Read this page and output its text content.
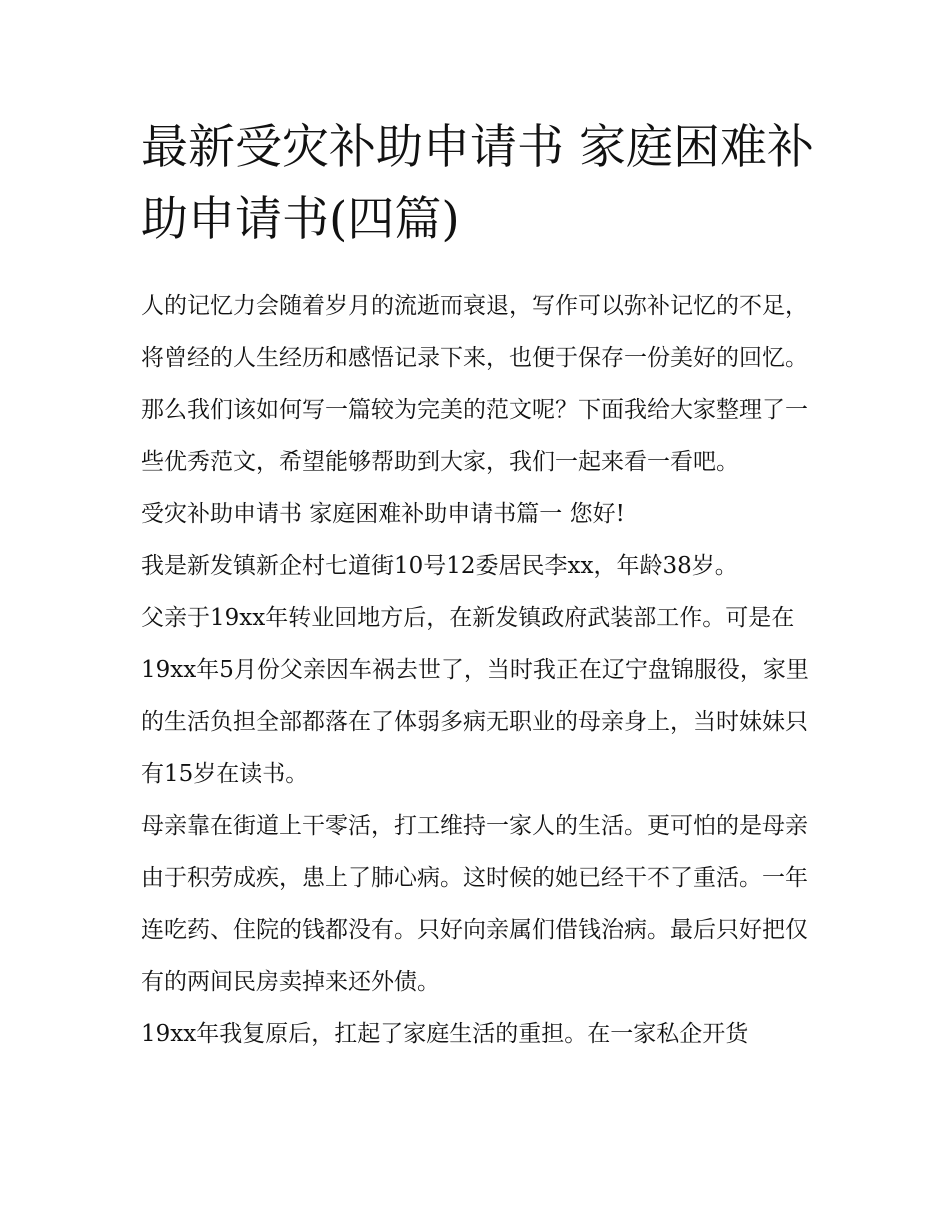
最新受灾补助申请书 家庭困难补助申请书(四篇)

人的记忆力会随着岁月的流逝而衰退，写作可以弥补记忆的不足，将曾经的人生经历和感悟记录下来，也便于保存一份美好的回忆。那么我们该如何写一篇较为完美的范文呢？下面我给大家整理了一些优秀范文，希望能够帮助到大家，我们一起来看一看吧。

受灾补助申请书 家庭困难补助申请书篇一 您好!

我是新发镇新企村七道街10号12委居民李xx，年龄38岁。

父亲于19xx年转业回地方后，在新发镇政府武装部工作。可是在19xx年5月份父亲因车祸去世了，当时我正在辽宁盘锦服役，家里的生活负担全部都落在了体弱多病无职业的母亲身上，当时妹妹只有15岁在读书。

母亲靠在街道上干零活，打工维持一家人的生活。更可怕的是母亲由于积劳成疾，患上了肺心病。这时候的她已经干不了重活。一年连吃药、住院的钱都没有。只好向亲属们借钱治病。最后只好把仅有的两间民房卖掉来还外债。

19xx年我复原后，扛起了家庭生活的重担。在一家私企开货
